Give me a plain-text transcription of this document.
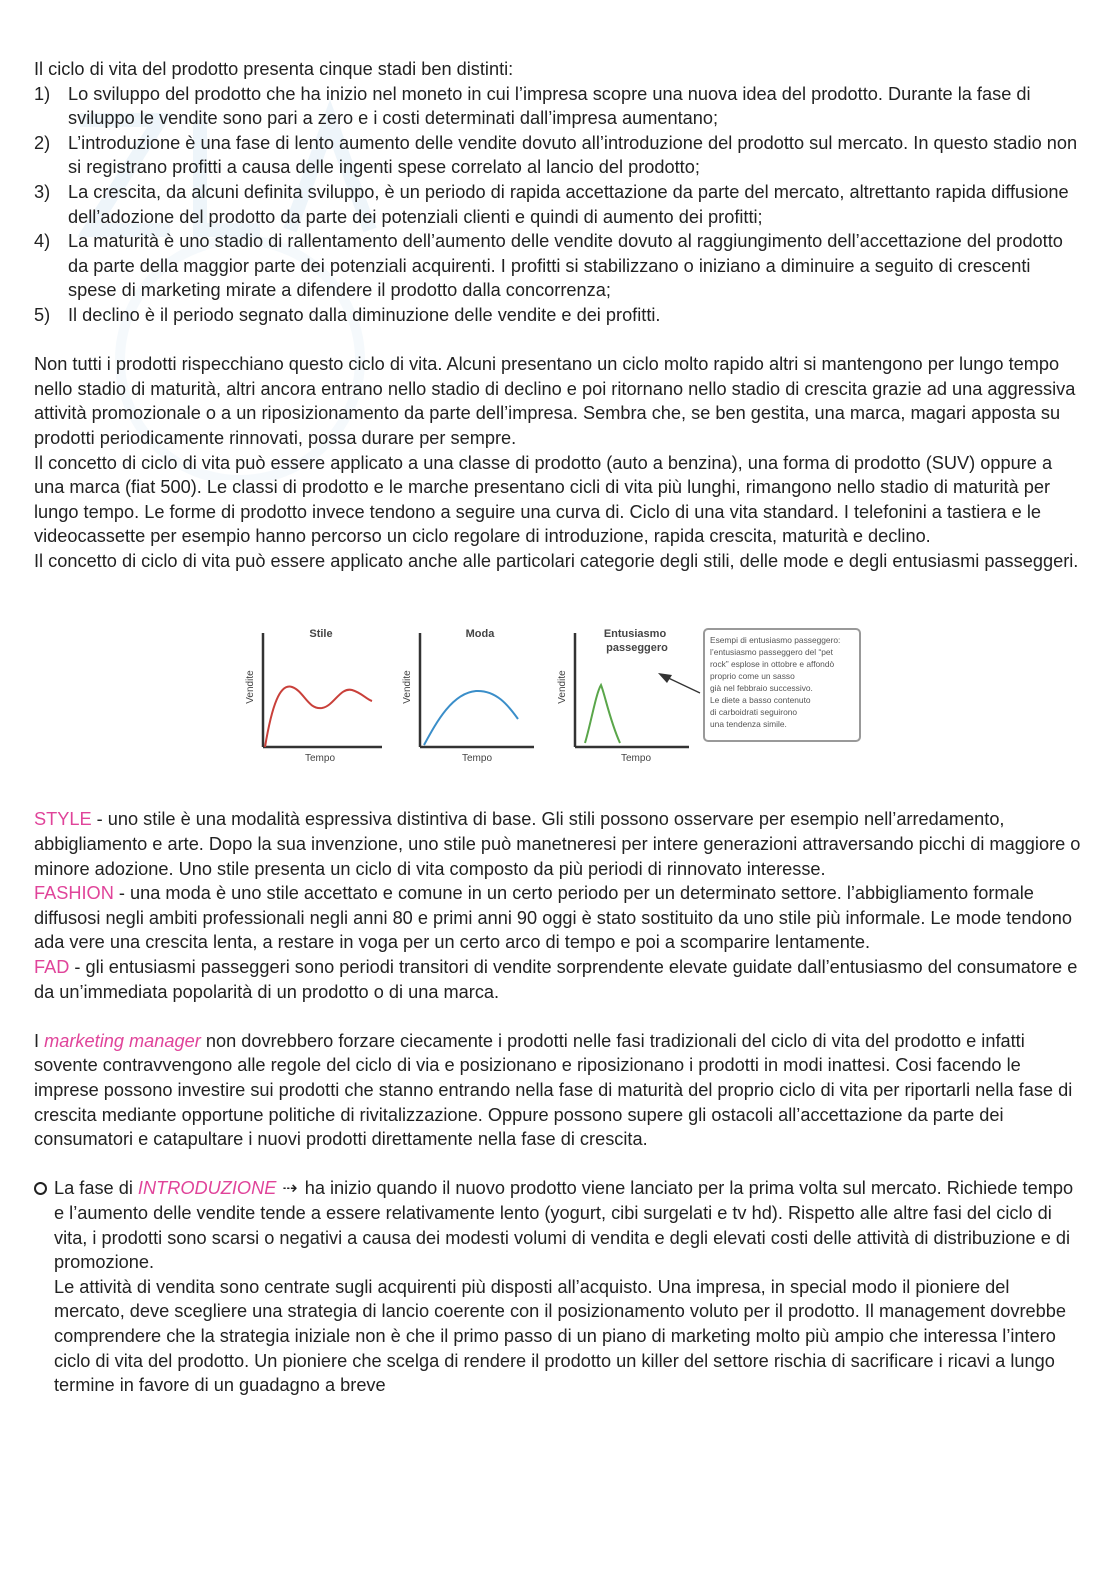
Il ciclo di vita del prodotto presenta cinque stadi ben distinti:

1) Lo sviluppo del prodotto che ha inizio nel moneto in cui l’impresa scopre una nuova idea del prodotto. Durante la fase di sviluppo le vendite sono pari a zero e i costi determinati dall’impresa aumentano;
2) L’introduzione è una fase di lento aumento delle vendite dovuto all’introduzione del prodotto sul mercato. In questo stadio non si registrano profitti a causa delle ingenti spese correlato al lancio del prodotto;
3) La crescita, da alcuni definita sviluppo, è un periodo di rapida accettazione da parte del mercato, altrettanto rapida diffusione dell’adozione del prodotto da parte dei potenziali clienti e quindi di aumento dei profitti;
4) La maturità è uno stadio di rallentamento dell’aumento delle vendite dovuto al raggiungimento dell’accettazione del prodotto da parte della maggior parte dei potenziali acquirenti. I profitti si stabilizzano o iniziano a diminuire a seguito di crescenti spese di marketing mirate a difendere il prodotto dalla concorrenza;
5) Il declino è il periodo segnato dalla diminuzione delle vendite e dei profitti.

Non tutti i prodotti rispecchiano questo ciclo di vita. Alcuni presentano un ciclo molto rapido altri si mantengono per lungo tempo nello stadio di maturità, altri ancora entrano nello stadio di declino e poi ritornano nello stadio di crescita grazie ad una aggressiva attività promozionale o a un riposizionamento da parte dell’impresa. Sembra che, se ben gestita, una marca, magari apposta su prodotti periodicamente rinnovati, possa durare per sempre.

Il concetto di ciclo di vita può essere applicato a una classe di prodotto (auto a benzina), una forma di prodotto (SUV) oppure a una marca (fiat 500). Le classi di prodotto e le marche presentano cicli di vita più lunghi, rimangono nello stadio di maturità per lungo tempo. Le forme di prodotto invece tendono a seguire una curva di. Ciclo di una vita standard. I telefonini a tastiera e le videocassette per esempio hanno percorso un ciclo regolare di introduzione, rapida crescita, maturità e declino.

Il concetto di ciclo di vita può essere applicato anche alle particolari categorie degli stili, delle mode e degli entusiasmi passeggeri.

Stile
Vendite
Tempo
Moda
Vendite
Tempo
Entusiasmo
passeggero
Vendite
Tempo
Esempi di entusiasmo passeggero:
l’entusiasmo passeggero del “pet
rock” esplose in ottobre e affondò
proprio come un sasso
già nel febbraio successivo.
Le diete a basso contenuto
di carboidrati seguirono
una tendenza simile.

STYLE - uno stile è una modalità espressiva distintiva di base. Gli stili possono osservare per esempio nell’arredamento, abbigliamento e arte. Dopo la sua invenzione, uno stile può manetneresi per intere generazioni attraversando picchi di maggiore o minore adozione. Uno stile presenta un ciclo di vita composto da più periodi di rinnovato interesse.

FASHION - una moda è uno stile accettato e comune in un certo periodo per un determinato settore. l’abbigliamento formale diffusosi negli ambiti professionali negli anni 80 e primi anni 90 oggi è stato sostituito da uno stile più informale. Le mode tendono ada vere una crescita lenta, a restare in voga per un certo arco di tempo e poi a scomparire lentamente.

FAD - gli entusiasmi passeggeri sono periodi transitori di vendite sorprendente elevate guidate dall’entusiasmo del consumatore e da un’immediata popolarità di un prodotto o di una marca.

I marketing manager non dovrebbero forzare ciecamente i prodotti nelle fasi tradizionali del ciclo di vita del prodotto e infatti sovente contravvengono alle regole del ciclo di via e posizionano e riposizionano i prodotti in modi inattesi. Cosi facendo le imprese possono investire sui prodotti che stanno entrando nella fase di maturità del proprio ciclo di vita per riportarli nella fase di crescita mediante opportune politiche di rivitalizzazione. Oppure possono supere gli ostacoli all’accettazione da parte dei consumatori e catapultare i nuovi prodotti direttamente nella fase di crescita.

La fase di INTRODUZIONE ⇢ ha inizio quando il nuovo prodotto viene lanciato per la prima volta sul mercato. Richiede tempo e l’aumento delle vendite tende a essere relativamente lento (yogurt, cibi surgelati e tv hd). Rispetto alle altre fasi del ciclo di vita, i prodotti sono scarsi o negativi a causa dei modesti volumi di vendita e degli elevati costi delle attività di distribuzione e di promozione.

Le attività di vendita sono centrate sugli acquirenti più disposti all’acquisto. Una impresa, in special modo il pioniere del mercato, deve scegliere una strategia di lancio coerente con il posizionamento voluto per il prodotto. Il management dovrebbe comprendere che la strategia iniziale non è che il primo passo di un piano di marketing molto più ampio che interessa l’intero ciclo di vita del prodotto. Un pioniere che scelga di rendere il prodotto un killer del settore rischia di sacrificare i ricavi a lungo termine in favore di un guadagno a breve
